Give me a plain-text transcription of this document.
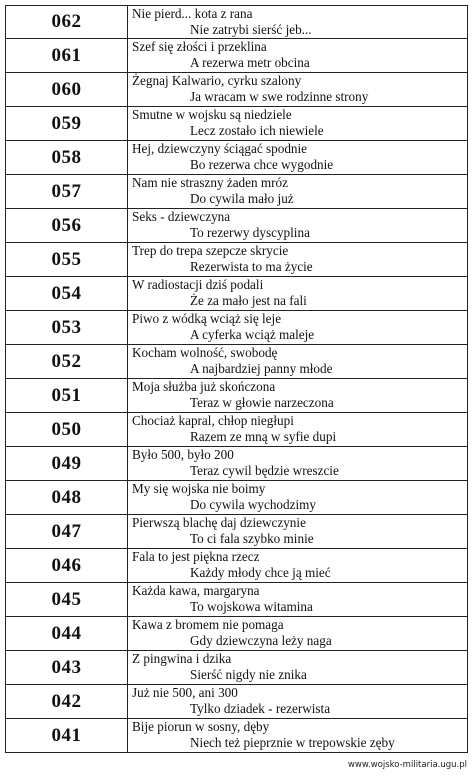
062	Nie pierd... kota z rana
Nie zatrybi sierść jeb...

061	Szef się złości i przeklina
A rezerwa metr obcina

060	Żegnaj Kalwario, cyrku szalony
Ja wracam w swe rodzinne strony

059	Smutne w wojsku są niedziele
Lecz zostało ich niewiele

058	Hej, dziewczyny ściągać spodnie
Bo rezerwa chce wygodnie

057	Nam nie straszny żaden mróz
Do cywila mało już

056	Seks - dziewczyna
To rezerwy dyscyplina

055	Trep do trepa szepcze skrycie
Rezerwista to ma życie

054	W radiostacji dziś podali
Że za mało jest na fali

053	Piwo z wódką wciąż się leje
A cyferka wciąż maleje

052	Kocham wolność, swobodę
A najbardziej panny młode

051	Moja służba już skończona
Teraz w głowie narzeczona

050	Chociaż kapral, chłop niegłupi
Razem ze mną w syfie dupi

049	Było 500, było 200
Teraz cywil będzie wreszcie

048	My się wojska nie boimy
Do cywila wychodzimy

047	Pierwszą blachę daj dziewczynie
To ci fala szybko minie

046	Fala to jest piękna rzecz
Każdy młody chce ją mieć

045	Każda kawa, margaryna
To wojskowa witamina

044	Kawa z bromem nie pomaga
Gdy dziewczyna leży naga

043	Z pingwina i dzika
Sierść nigdy nie znika

042	Już nie 500, ani 300
Tylko dziadek - rezerwista

041	Bije piorun w sosny, dęby
Niech też pieprznie w trepowskie zęby
www.wojsko-militaria.ugu.pl
